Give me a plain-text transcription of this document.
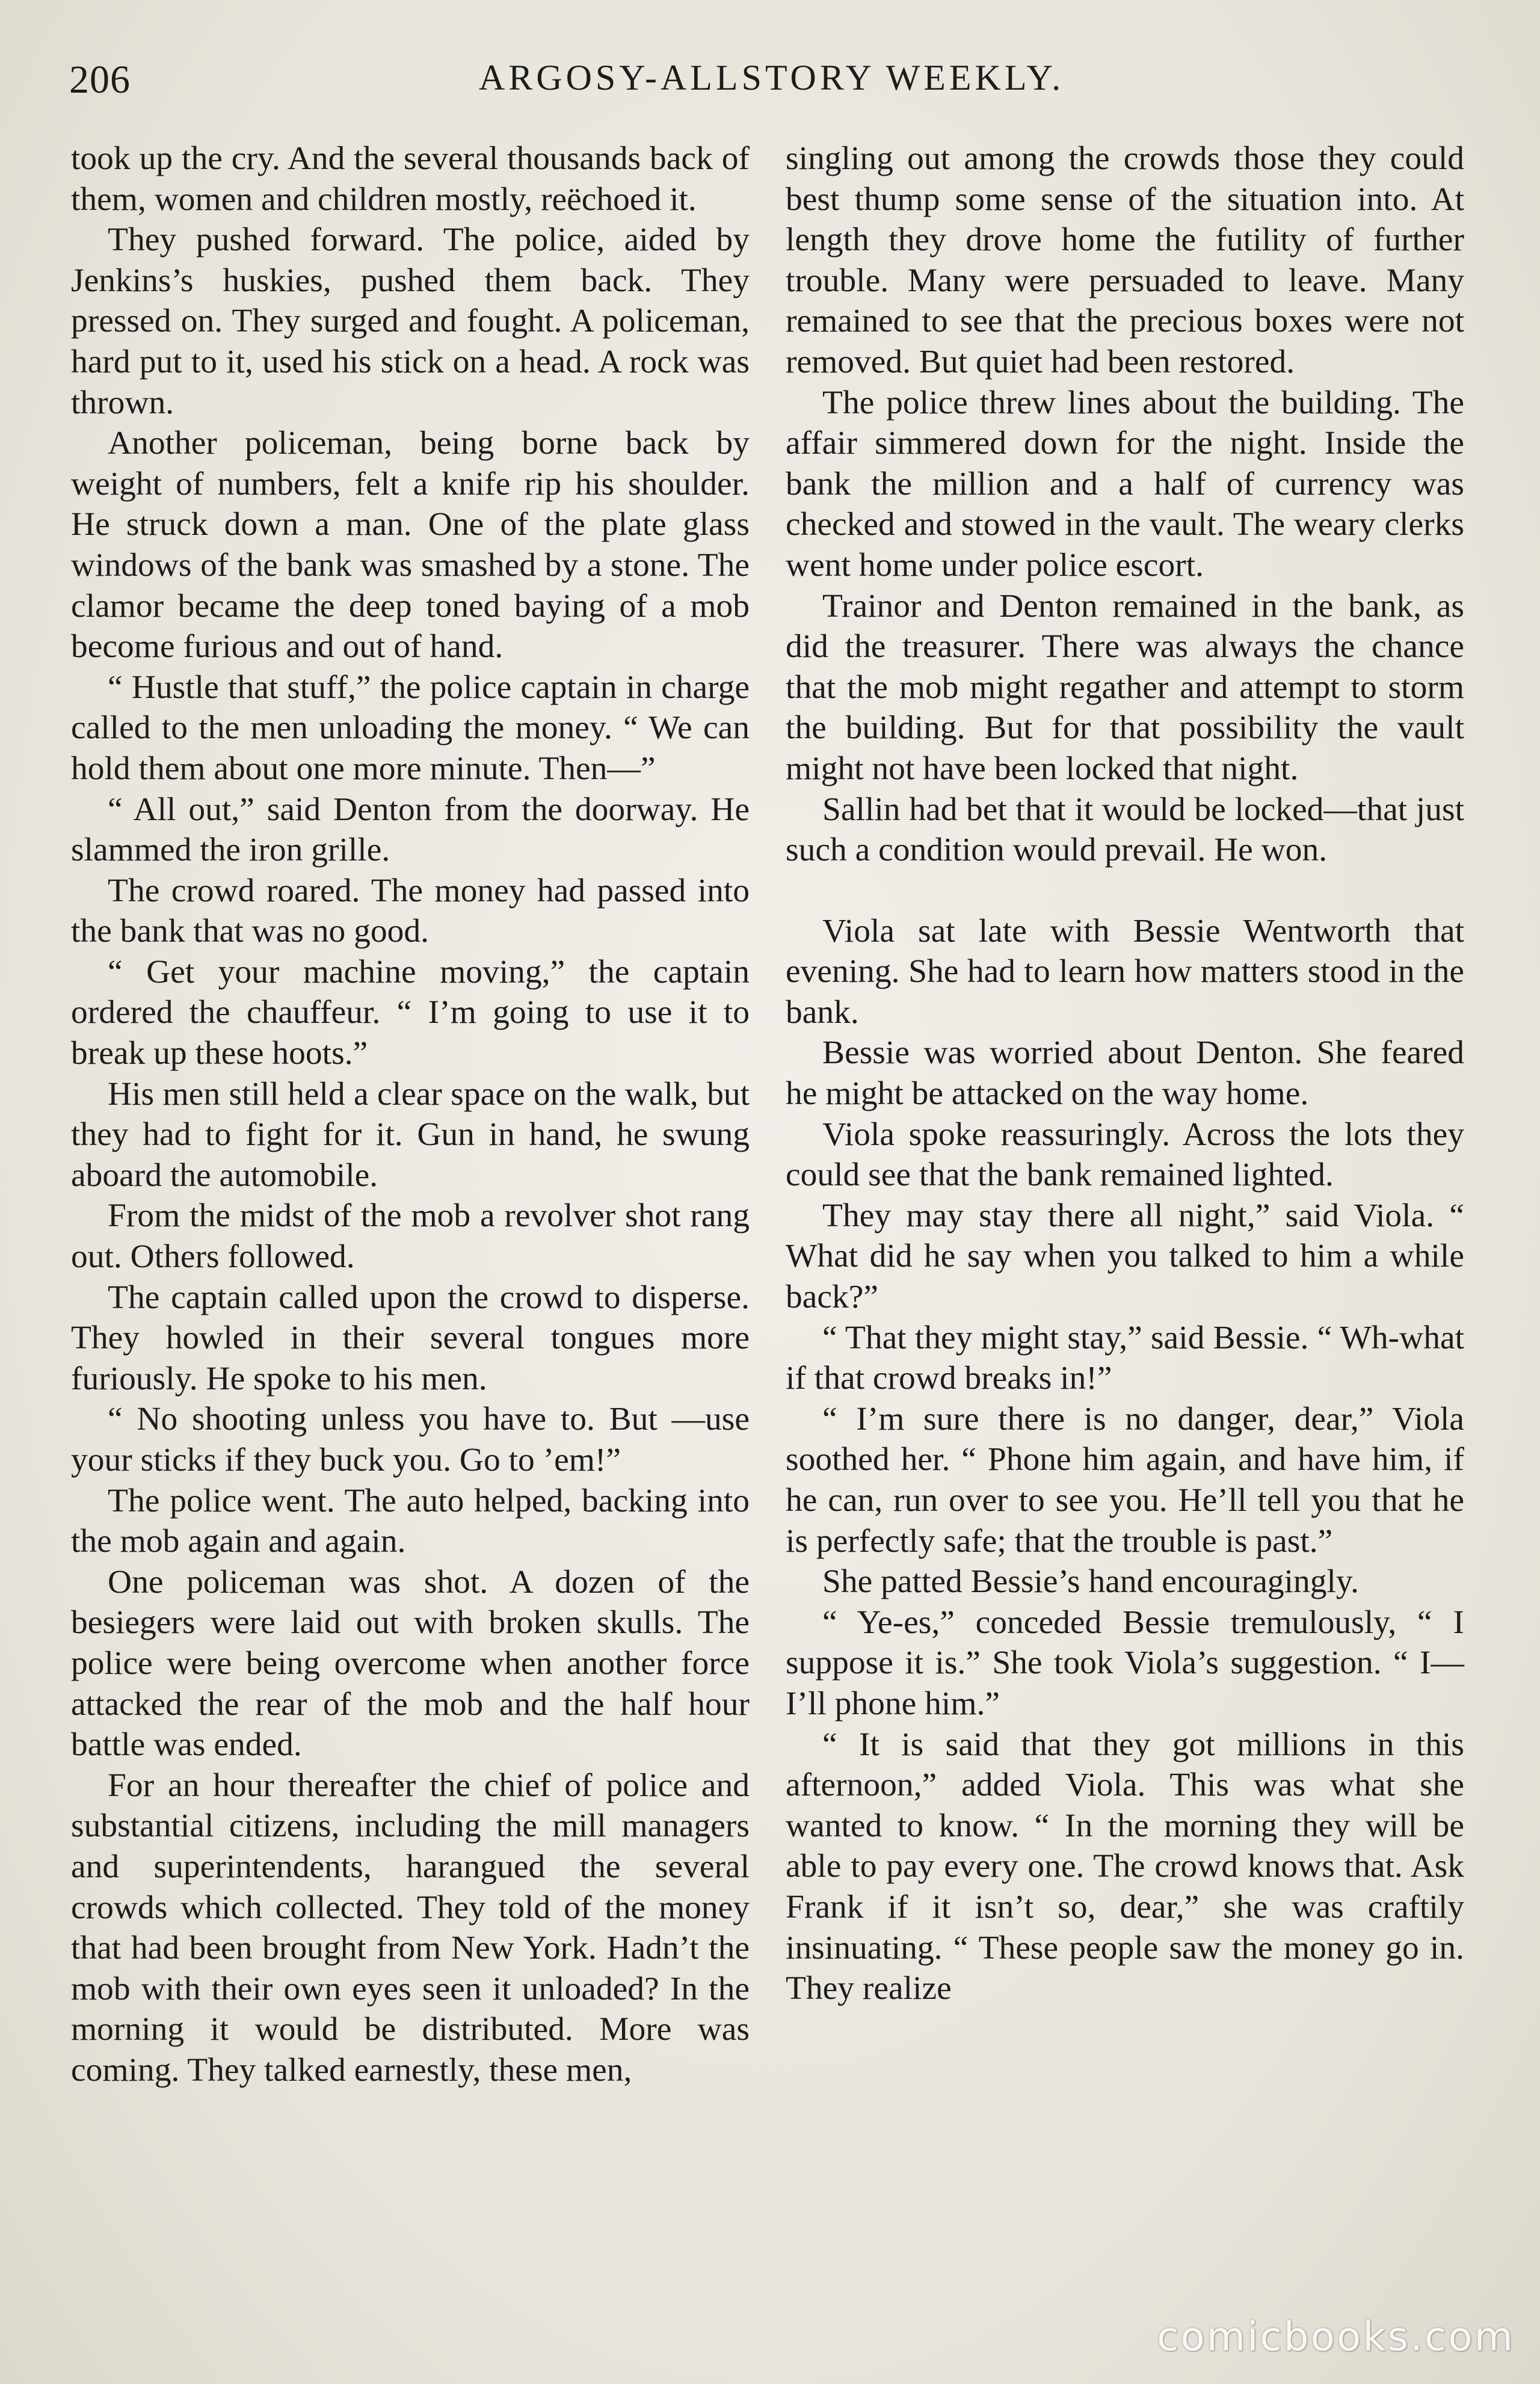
206	ARGOSY-ALLSTORY WEEKLY.

took up the cry. And the several thousands back of them, women and children mostly, reëchoed it.

They pushed forward. The police, aided by Jenkins’s huskies, pushed them back. They pressed on. They surged and fought. A policeman, hard put to it, used his stick on a head. A rock was thrown.

Another policeman, being borne back by weight of numbers, felt a knife rip his shoulder. He struck down a man. One of the plate glass windows of the bank was smashed by a stone. The clamor became the deep toned baying of a mob become furious and out of hand.

“ Hustle that stuff,” the police captain in charge called to the men unloading the money. “ We can hold them about one more minute. Then—”

“ All out,” said Denton from the doorway. He slammed the iron grille.

The crowd roared. The money had passed into the bank that was no good.

“ Get your machine moving,” the captain ordered the chauffeur. “ I’m going to use it to break up these hoots.”

His men still held a clear space on the walk, but they had to fight for it. Gun in hand, he swung aboard the automobile.

From the midst of the mob a revolver shot rang out. Others followed.

The captain called upon the crowd to disperse. They howled in their several tongues more furiously. He spoke to his men.

“ No shooting unless you have to. But —use your sticks if they buck you. Go to ’em!”

The police went. The auto helped, backing into the mob again and again.

One policeman was shot. A dozen of the besiegers were laid out with broken skulls. The police were being overcome when another force attacked the rear of the mob and the half hour battle was ended.

For an hour thereafter the chief of police and substantial citizens, including the mill managers and superintendents, harangued the several crowds which collected. They told of the money that had been brought from New York. Hadn’t the mob with their own eyes seen it unloaded? In the morning it would be distributed. More was coming. They talked earnestly, these men,

singling out among the crowds those they could best thump some sense of the situation into. At length they drove home the futility of further trouble. Many were persuaded to leave. Many remained to see that the precious boxes were not removed. But quiet had been restored.

The police threw lines about the building. The affair simmered down for the night. Inside the bank the million and a half of currency was checked and stowed in the vault. The weary clerks went home under police escort.

Trainor and Denton remained in the bank, as did the treasurer. There was always the chance that the mob might regather and attempt to storm the building. But for that possibility the vault might not have been locked that night.

Sallin had bet that it would be locked—that just such a condition would prevail. He won.

Viola sat late with Bessie Wentworth that evening. She had to learn how matters stood in the bank.

Bessie was worried about Denton. She feared he might be attacked on the way home.

Viola spoke reassuringly. Across the lots they could see that the bank remained lighted.

They may stay there all night,” said Viola. “ What did he say when you talked to him a while back?”

“ That they might stay,” said Bessie. “ Wh-what if that crowd breaks in!”

“ I’m sure there is no danger, dear,” Viola soothed her. “ Phone him again, and have him, if he can, run over to see you. He’ll tell you that he is perfectly safe; that the trouble is past.”

She patted Bessie’s hand encouragingly.

“ Ye-es,” conceded Bessie tremulously, “ I suppose it is.” She took Viola’s suggestion. “ I—I’ll phone him.”

“ It is said that they got millions in this afternoon,” added Viola. This was what she wanted to know. “ In the morning they will be able to pay every one. The crowd knows that. Ask Frank if it isn’t so, dear,” she was craftily insinuating. “ These people saw the money go in. They realize

comicbooks.com
